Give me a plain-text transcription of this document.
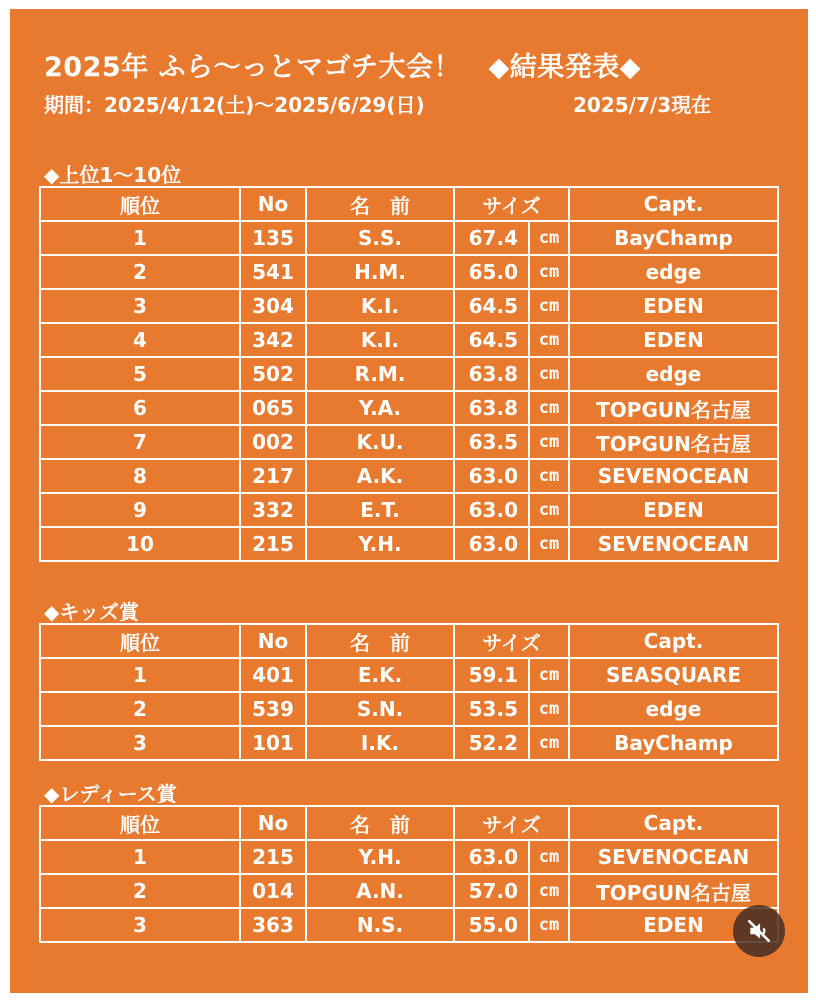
2025年 ふら〜っとマゴチ大会！　◆結果発表◆
期間：2025/4/12(土)〜2025/6/29(日)	2025/7/3現在
◆上位1〜10位
順位	No	名　前	サイズ		Capt.
1	135	S.S.	67.4	cm	BayChamp
2	541	H.M.	65.0	cm	edge
3	304	K.I.	64.5	cm	EDEN
4	342	K.I.	64.5	cm	EDEN
5	502	R.M.	63.8	cm	edge
6	065	Y.A.	63.8	cm	TOPGUN名古屋
7	002	K.U.	63.5	cm	TOPGUN名古屋
8	217	A.K.	63.0	cm	SEVENOCEAN
9	332	E.T.	63.0	cm	EDEN
10	215	Y.H.	63.0	cm	SEVENOCEAN
◆キッズ賞
順位	No	名　前	サイズ		Capt.
1	401	E.K.	59.1	cm	SEASQUARE
2	539	S.N.	53.5	cm	edge
3	101	I.K.	52.2	cm	BayChamp
◆レディース賞
順位	No	名　前	サイズ		Capt.
1	215	Y.H.	63.0	cm	SEVENOCEAN
2	014	A.N.	57.0	cm	TOPGUN名古屋
3	363	N.S.	55.0	cm	EDEN
